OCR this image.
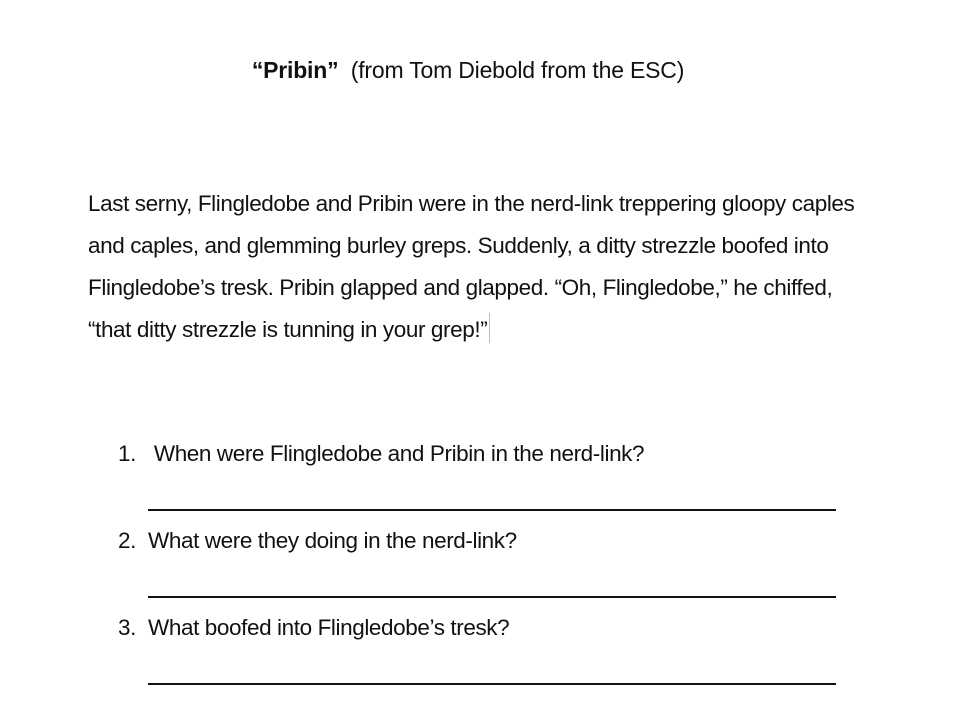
“Pribin”  (from Tom Diebold from the ESC)
Last serny, Flingledobe and Pribin were in the nerd-link treppering gloopy caples
and caples, and glemming burley greps. Suddenly, a ditty strezzle boofed into
Flingledobe’s tresk. Pribin glapped and glapped. “Oh, Flingledobe,” he chiffed,
“that ditty strezzle is tunning in your grep!”
1. When were Flingledobe and Pribin in the nerd-link?
2. What were they doing in the nerd-link?
3. What boofed into Flingledobe’s tresk?
